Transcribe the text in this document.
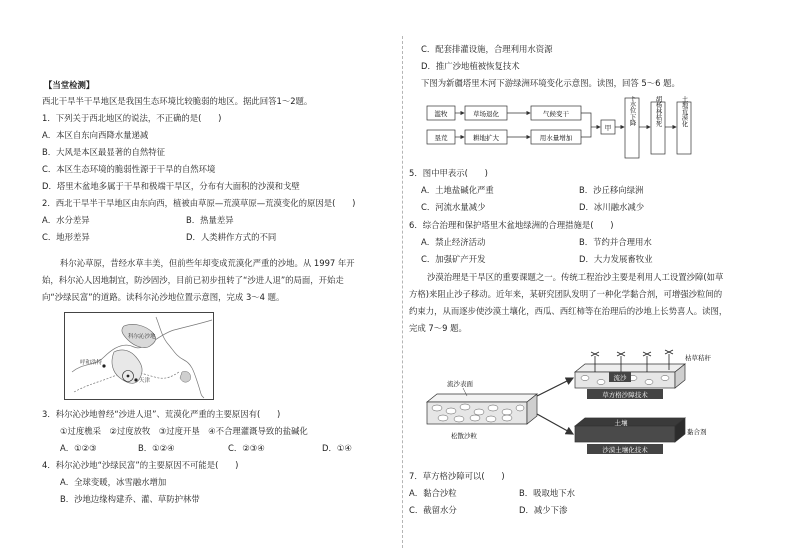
【当堂检测】
西北干旱半干旱地区是我国生态环境比较脆弱的地区。据此回答1～2题。
1．下列关于西北地区的说法，不正确的是(　　)
A．本区自东向西降水量递减
B．大风是本区最显著的自然特征
C．本区生态环境的脆弱性源于干旱的自然环境
D．塔里木盆地多属于干旱和极端干旱区，分布有大面积的沙漠和戈壁
2．西北干旱半干旱地区由东向西，植被由草原—荒漠草原—荒漠变化的原因是(　　)
A．水分差异	B．热量差异
C．地形差异	D．人类耕作方式的不同
科尔沁草原，昔经水草丰美，但前些年却变成荒漠化严重的沙地。从 1997 年开
始，科尔沁人因地制宜，防沙固沙，目前已初步扭转了“沙进人退”的局面，开始走
向“沙绿民富”的道路。读科尔沁沙地位置示意图，完成 3～4 题。
科尔沁沙地
呼和浩特
天津
3．科尔沁沙地曾经“沙进人退”、荒漠化严重的主要原因有(　　)
①过度樵采　②过度放牧　③过度开垦　④不合理灌溉导致的盐碱化
A．①②③	B．①②④	C．②③④	D．①④
4．科尔沁沙地“沙绿民富”的主要原因不可能是(　　)
A．全球变暖，冰雪融水增加
B．沙地边缘构建乔、灌、草防护林带
C．配套排灌设施，合理利用水资源
D．推广沙地植被恢复技术
下图为新疆塔里木河下游绿洲环境变化示意图。读图，回答 5～6 题。
滥牧	草场退化	气候变干
垦荒	耕地扩大	用水量增加
甲
地下水位下降	胡杨林枯死	土地荒漠化
5．图中甲表示(　　)
A．土地盐碱化严重	B．沙丘移向绿洲
C．河流水量减少	D．冰川融水减少
6．综合治理和保护塔里木盆地绿洲的合理措施是(　　)
A．禁止经济活动	B．节约并合理用水
C．加强矿产开发	D．大力发展畜牧业
沙漠治理是干旱区的重要课题之一。传统工程治沙主要是利用人工设置沙障(如草
方格)来阻止沙子移动。近年来，某研究团队发明了一种化学黏合剂，可增强沙粒间的
约束力，从而逐步使沙漠土壤化，西瓜、西红柿等在治理后的沙地上长势喜人。读图，
完成 7～9 题。
流沙表面
松散沙粒
流沙
枯草秸秆
草方格沙障技术
土壤
黏合剂
沙漠土壤化技术
7．草方格沙障可以(　　)
A．黏合沙粒	B．吸取地下水
C．截留水分	D．减少下渗
